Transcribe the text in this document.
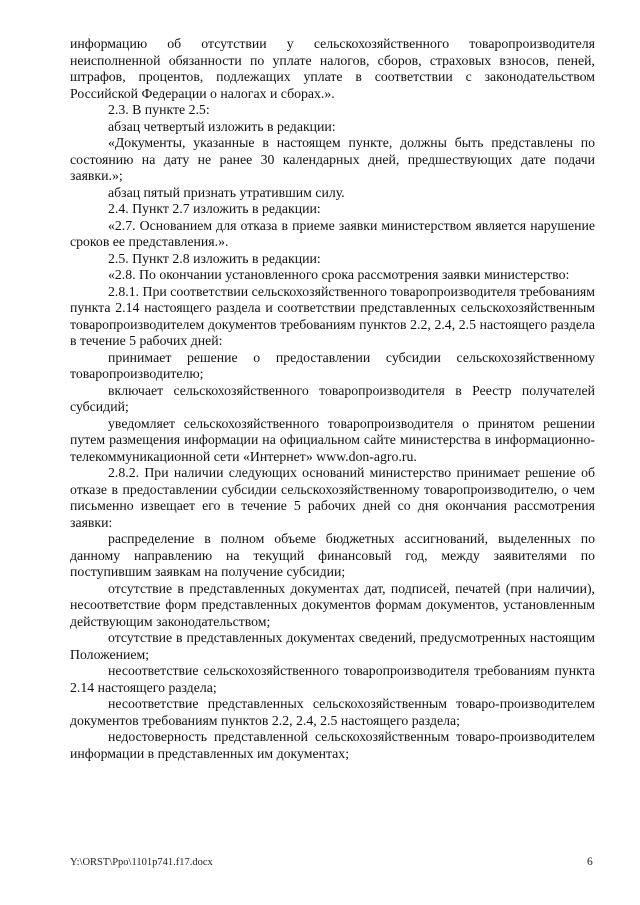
информацию об отсутствии у сельскохозяйственного товаропроизводителя неисполненной обязанности по уплате налогов, сборов, страховых взносов, пеней, штрафов, процентов, подлежащих уплате в соответствии с законодательством Российской Федерации о налогах и сборах.».

2.3. В пункте 2.5:

абзац четвертый изложить в редакции:

«Документы, указанные в настоящем пункте, должны быть представлены по состоянию на дату не ранее 30 календарных дней, предшествующих дате подачи заявки.»;

абзац пятый признать утратившим силу.

2.4. Пункт 2.7 изложить в редакции:

«2.7. Основанием для отказа в приеме заявки министерством является нарушение сроков ее представления.».

2.5. Пункт 2.8 изложить в редакции:

«2.8. По окончании установленного срока рассмотрения заявки министерство:

2.8.1. При соответствии сельскохозяйственного товаропроизводителя требованиям пункта 2.14 настоящего раздела и соответствии представленных сельскохозяйственным товаропроизводителем документов требованиям пунктов 2.2, 2.4, 2.5 настоящего раздела в течение 5 рабочих дней:

принимает решение о предоставлении субсидии сельскохозяйственному товаропроизводителю;

включает сельскохозяйственного товаропроизводителя в Реестр получателей субсидий;

уведомляет сельскохозяйственного товаропроизводителя о принятом решении путем размещения информации на официальном сайте министерства в информационно-телекоммуникационной сети «Интернет» www.don-agro.ru.

2.8.2. При наличии следующих оснований министерство принимает решение об отказе в предоставлении субсидии сельскохозяйственному товаропроизводителю, о чем письменно извещает его в течение 5 рабочих дней со дня окончания рассмотрения заявки:

распределение в полном объеме бюджетных ассигнований, выделенных по данному направлению на текущий финансовый год, между заявителями по поступившим заявкам на получение субсидии;

отсутствие в представленных документах дат, подписей, печатей (при наличии), несоответствие форм представленных документов формам документов, установленным действующим законодательством;

отсутствие в представленных документах сведений, предусмотренных настоящим Положением;

несоответствие сельскохозяйственного товаропроизводителя требованиям пункта 2.14 настоящего раздела;

несоответствие представленных сельскохозяйственным товаро-производителем документов требованиям пунктов 2.2, 2.4, 2.5 настоящего раздела;

недостоверность представленной сельскохозяйственным товаро-производителем информации в представленных им документах;

Y:\ORST\Ppo\1101p741.f17.docx	6
